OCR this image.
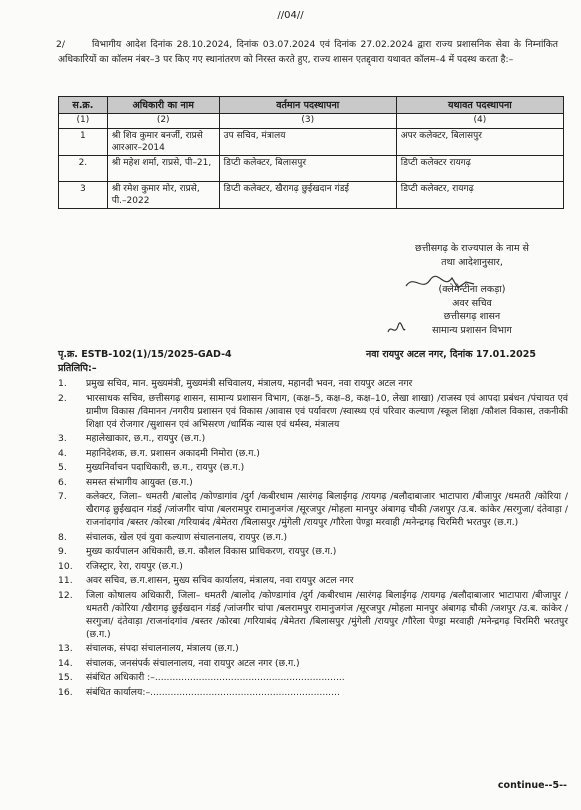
//04//
2/	विभागीय आदेश दिनांक 28.10.2024, दिनांक 03.07.2024 एवं दिनांक 27.02.2024 द्वारा राज्य प्रशासनिक सेवा के निम्नांकित अधिकारियों का कॉलम नंबर–3 पर किए गए स्थानांतरण को निरस्त करते हुए, राज्य शासन एतद्द्वारा यथावत कॉलम–4 में पदस्थ करता है:–
स.क्र.	अधिकारी का नाम	वर्तमान पदस्थापना	यथावत पदस्थापना
(1)	(2)	(3)	(4)
1	श्री शिव कुमार बनर्जी, राप्रसे आरआर–2014	उप सचिव, मंत्रालय	अपर कलेक्टर, बिलासपुर
2.	श्री महेश शर्मा, राप्रसे, पी–21,	डिप्टी कलेक्टर, बिलासपुर	डिप्टी कलेक्टर रायगढ़
3	श्री रमेश कुमार मोर, राप्रसे, पी.–2022	डिप्टी कलेक्टर, खैरागढ़ छुईखदान गंडई	डिप्टी कलेक्टर, रायगढ़
छत्तीसगढ़ के राज्यपाल के नाम से
तथा आदेशानुसार,
(क्लेमेन्टीना लकड़ा)
अवर सचिव
छत्तीसगढ़ शासन
सामान्य प्रशासन विभाग
पृ.क्र. ESTB-102(1)/15/2025-GAD-4	नवा रायपुर अटल नगर, दिनांक 17.01.2025
प्रतिलिपि:–
1. प्रमुख सचिव, मान. मुख्यमंत्री, मुख्यमंत्री सचिवालय, मंत्रालय, महानदी भवन, नवा रायपुर अटल नगर
2. भारसाधक सचिव, छत्तीसगढ़ शासन, सामान्य प्रशासन विभाग, (कक्ष–5, कक्ष–8, कक्ष–10, लेखा शाखा) /राजस्व एवं आपदा प्रबंधन /पंचायत एवं ग्रामीण विकास /विमानन /नगरीय प्रशासन एवं विकास /आवास एवं पर्यावरण /स्वास्थ्य एवं परिवार कल्याण /स्कूल शिक्षा /कौशल विकास, तकनीकी शिक्षा एवं रोजगार /सुशासन एवं अभिसरण /धार्मिक न्यास एवं धर्मस्व, मंत्रालय
3. महालेखाकार, छ.ग., रायपुर (छ.ग.)
4. महानिदेशक, छ.ग. प्रशासन अकादमी निमोरा (छ.ग.)
5. मुख्यनिर्वाचन पदाधिकारी, छ.ग., रायपुर (छ.ग.)
6. समस्त संभागीय आयुक्त (छ.ग.)
7. कलेक्टर, जिला– धमतरी /बालोद /कोण्डागांव /दुर्ग /कबीरधाम /सारंगढ़ बिलाईगढ़ /रायगढ़ /बलौदाबाजार भाटापारा /बीजापुर /धमतरी /कोरिया /खैरागढ़ छुईखदान गंडई /जांजगीर चांपा /बलरामपुर रामानुजगंज /सूरजपुर /मोहला मानपुर अंबागढ़ चौकी /जशपुर /उ.ब. कांकेर /सरगुजा/ दंतेवाड़ा /राजनांदगांव /बस्तर /कोरबा /गरियाबंद /बेमेतरा /बिलासपुर /मुंगेली /रायपुर /गौरेला पेण्ड्रा मरवाही /मनेन्द्रगढ़ चिरमिरी भरतपुर (छ.ग.)
8. संचालक, खेल एवं युवा कल्याण संचालनालय, रायपुर (छ.ग.)
9. मुख्य कार्यपालन अधिकारी, छ.ग. कौशल विकास प्राधिकरण, रायपुर (छ.ग.)
10. रजिस्ट्रार, रेरा, रायपुर (छ.ग.)
11. अवर सचिव, छ.ग.शासन, मुख्य सचिव कार्यालय, मंत्रालय, नवा रायपुर अटल नगर
12. जिला कोषालय अधिकारी, जिला– धमतरी /बालोद /कोण्डागांव /दुर्ग /कबीरधाम /सारंगढ़ बिलाईगढ़ /रायगढ़ /बलौदाबाजार भाटापारा /बीजापुर /धमतरी /कोरिया /खैरागढ़ छुईखदान गंडई /जांजगीर चांपा /बलरामपुर रामानुजगंज /सूरजपुर /मोहला मानपुर अंबागढ़ चौकी /जशपुर /उ.ब. कांकेर /सरगुजा/ दंतेवाड़ा /राजनांदगांव /बस्तर /कोरबा /गरियाबंद /बेमेतरा /बिलासपुर /मुंगेली /रायपुर /गौरेला पेण्ड्रा मरवाही /मनेन्द्रगढ़ चिरमिरी भरतपुर (छ.ग.)
13. संचालक, संपदा संचालनालय, मंत्रालय (छ.ग.)
14. संचालक, जनसंपर्क संचालनालय, नवा रायपुर अटल नगर (छ.ग.)
15. संबंधित अधिकारी :–.................................................................
16. संबंधित कार्यालय:–.................................................................
continue--5--
